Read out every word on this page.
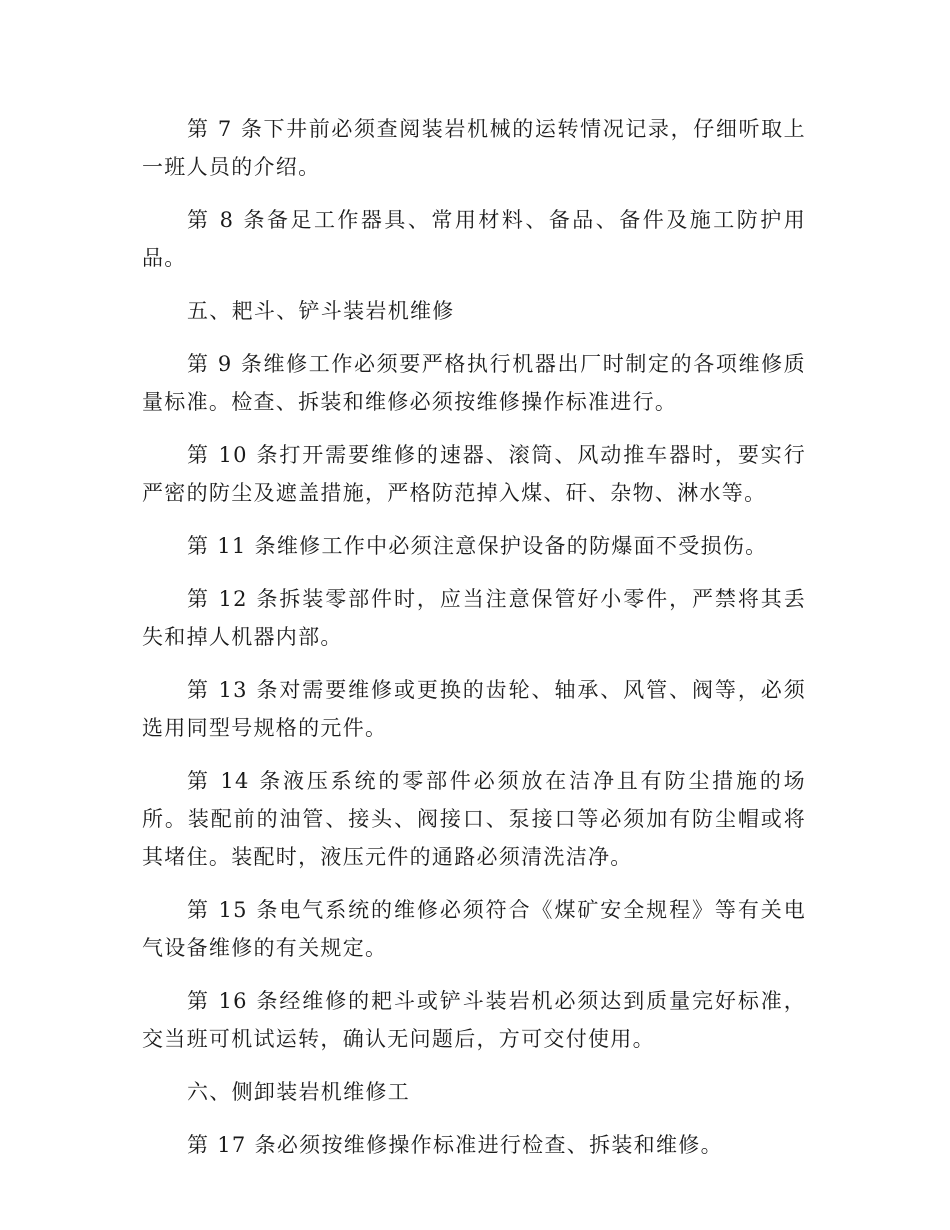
第 7 条下井前必须查阅装岩机械的运转情况记录，仔细听取上一班人员的介绍。

第 8 条备足工作器具、常用材料、备品、备件及施工防护用品。

五、耙斗、铲斗装岩机维修

第 9 条维修工作必须要严格执行机器出厂时制定的各项维修质量标准。检查、拆装和维修必须按维修操作标准进行。

第 10 条打开需要维修的速器、滚筒、风动推车器时，要实行严密的防尘及遮盖措施，严格防范掉入煤、矸、杂物、淋水等。

第 11 条维修工作中必须注意保护设备的防爆面不受损伤。

第 12 条拆装零部件时，应当注意保管好小零件，严禁将其丢失和掉人机器内部。

第 13 条对需要维修或更换的齿轮、轴承、风管、阀等，必须选用同型号规格的元件。

第 14 条液压系统的零部件必须放在洁净且有防尘措施的场所。装配前的油管、接头、阀接口、泵接口等必须加有防尘帽或将其堵住。装配时，液压元件的通路必须清洗洁净。

第 15 条电气系统的维修必须符合《煤矿安全规程》等有关电气设备维修的有关规定。

第 16 条经维修的耙斗或铲斗装岩机必须达到质量完好标准，交当班可机试运转，确认无问题后，方可交付使用。

六、侧卸装岩机维修工

第 17 条必须按维修操作标准进行检查、拆装和维修。
